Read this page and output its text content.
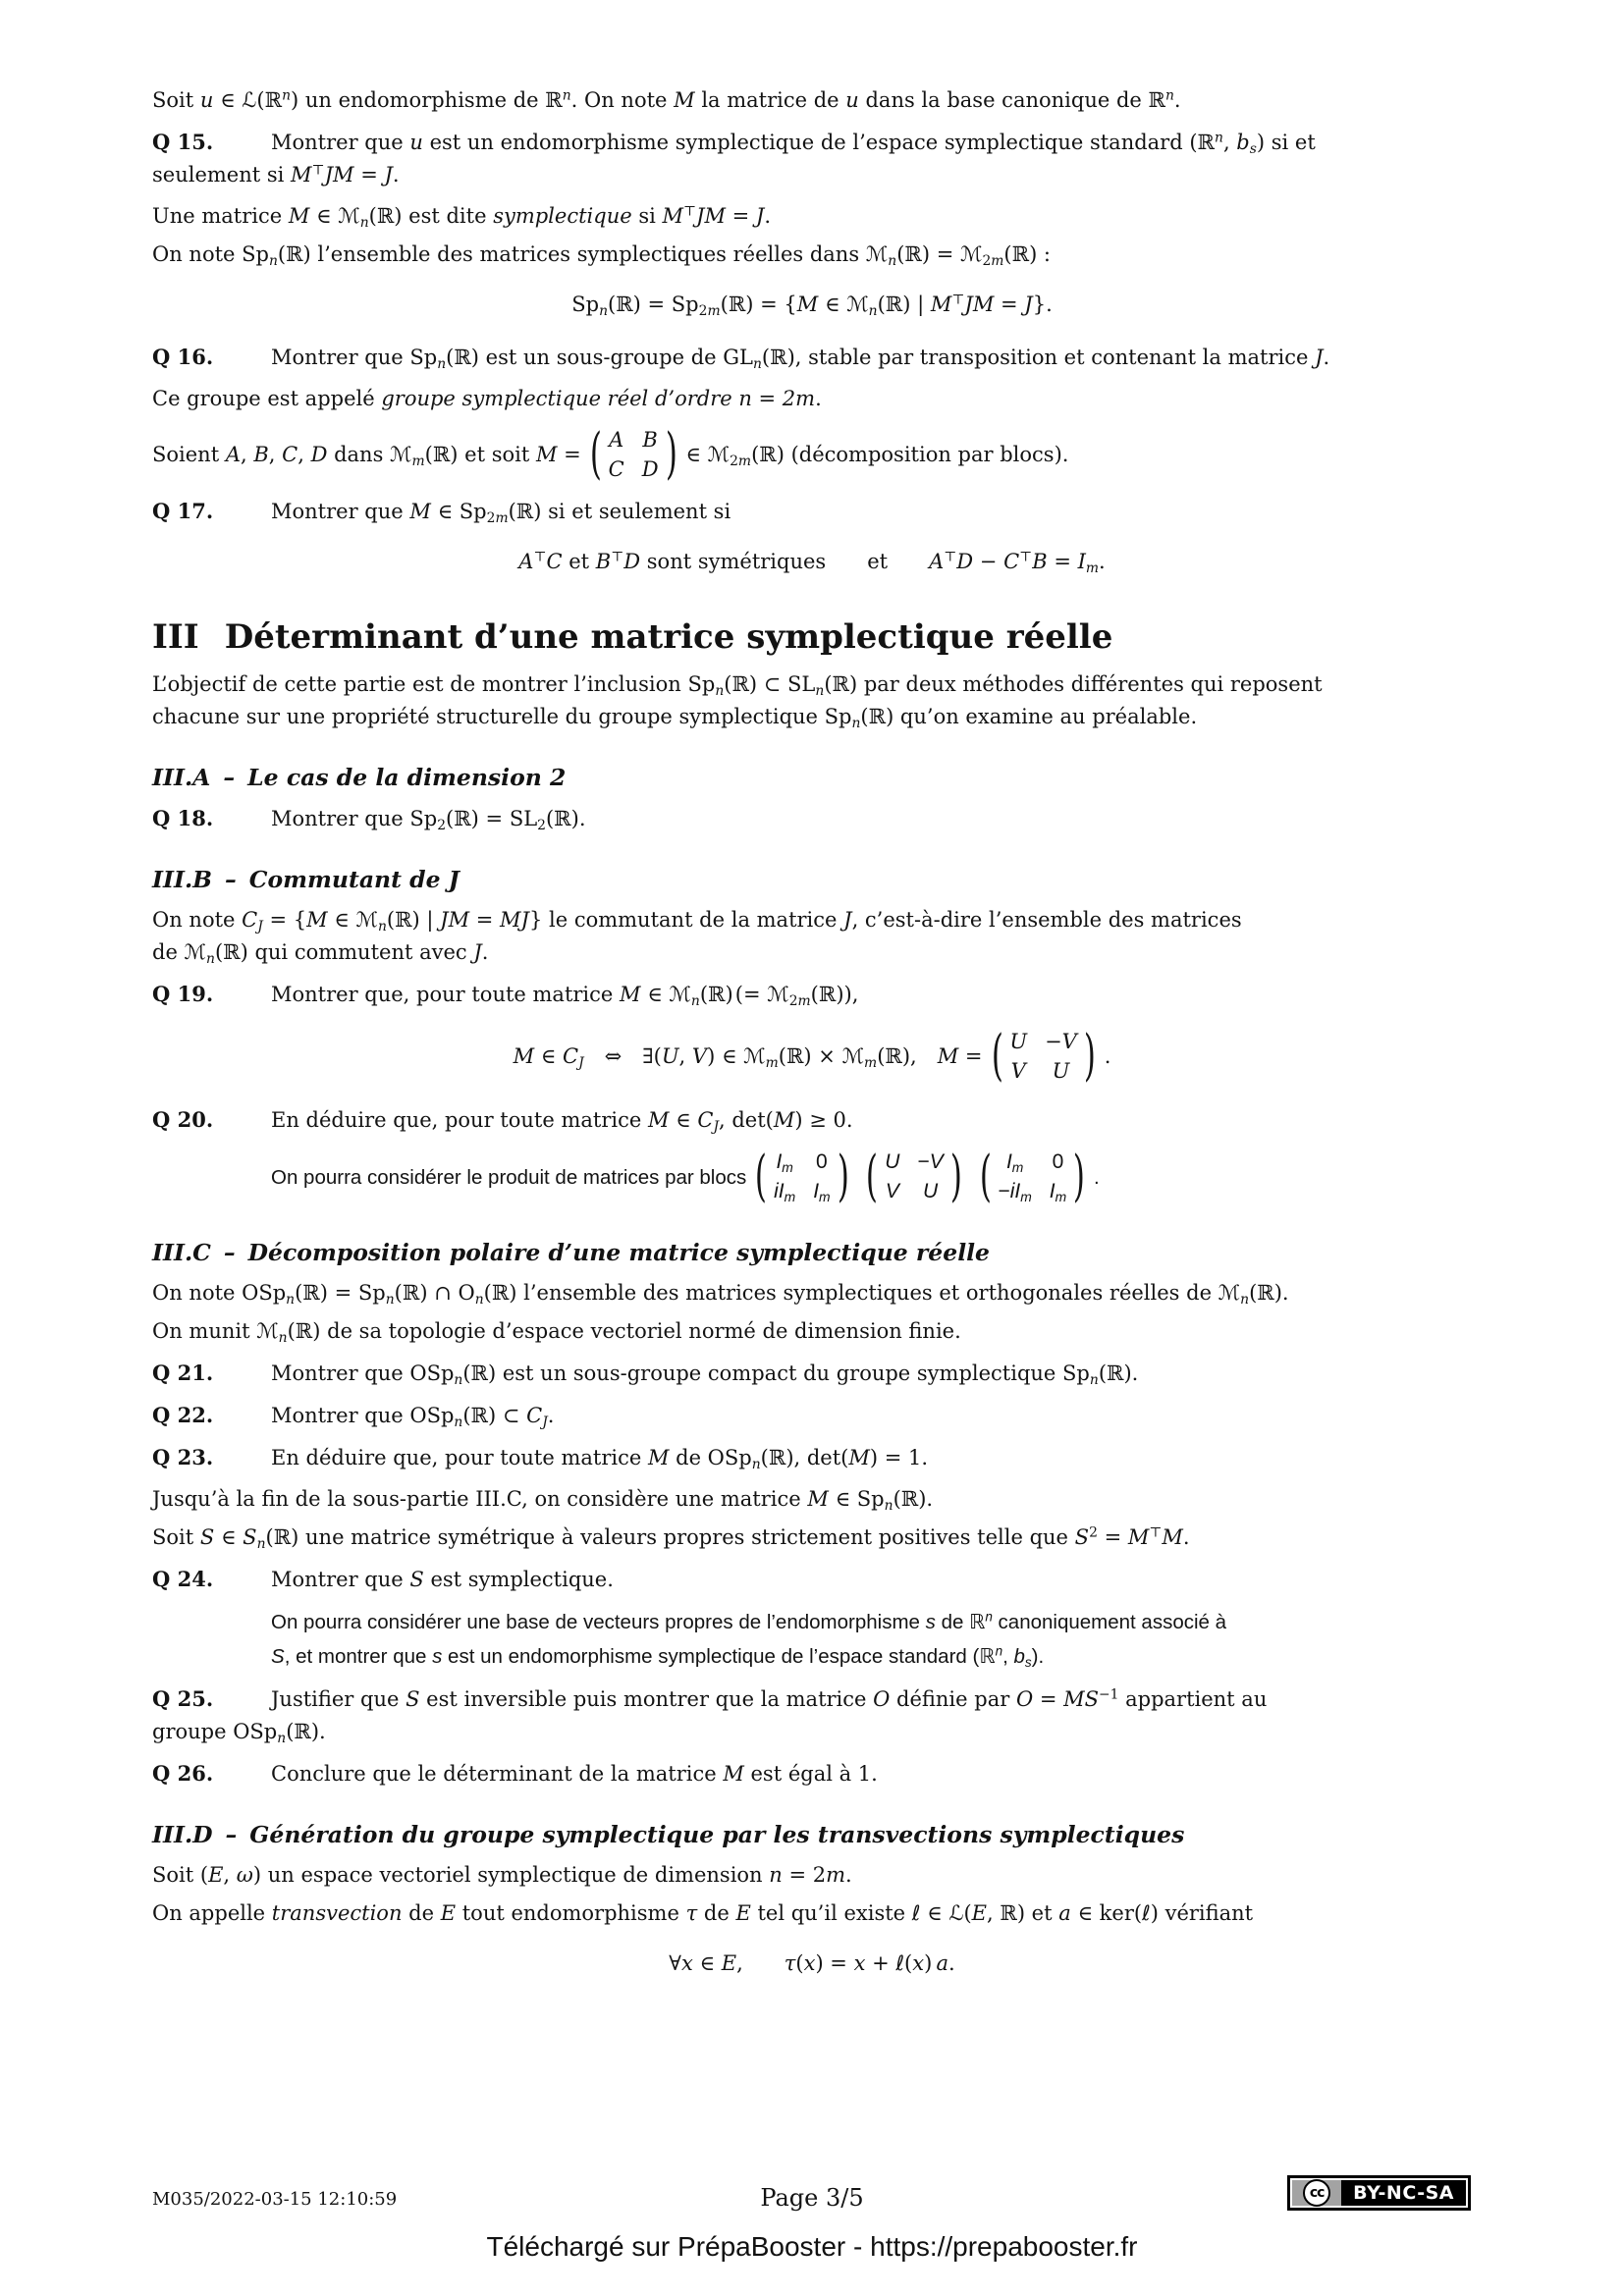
Soit u ∈ ℒ(ℝ$^n$) un endomorphisme de ℝ$^n$. On note M la matrice de u dans la base canonique de ℝ$^n$.

Q 15.	Montrer que u est un endomorphisme symplectique de l’espace symplectique standard (ℝ$^n$, $b_s$) si et
seulement si M⊤JM = J.

Une matrice M ∈ ℳ$_n$(ℝ) est dite symplectique si M⊤JM = J.

On note $Sp_n(ℝ)$ l’ensemble des matrices symplectiques réelles dans ℳ$_n$(ℝ) = ℳ$_{2m}$(ℝ) :

$Sp_n(ℝ)$ = $Sp_{2m}(ℝ) = \{M$ ∈ ℳ$_n$(ℝ) | M⊤JM = J}.

Q 16.	Montrer que $Sp_n(ℝ)$ est un sous-groupe de $GL_n(ℝ)$, stable par transposition et contenant la matrice J.

Ce groupe est appelé groupe symplectique réel d’ordre n = 2m.

Soient A, B, C, D dans ℳ$_m$(ℝ) et soit M =
( A B
C D
)
∈ ℳ$_{2m}$(ℝ) (décomposition par blocs).

Q 17.	Montrer que M ∈ $Sp_{2m}(ℝ)$ si et seulement si

A⊤C et B⊤D sont symétriques  et  $A^⊤D - C^⊤B = I_m$.

III Déterminant d’une matrice symplectique réelle

L’objectif de cette partie est de montrer l’inclusion $Sp_n(ℝ)$ ⊂ $SL_n(ℝ)$ par deux méthodes différentes qui reposent
chacune sur une propriété structurelle du groupe symplectique $Sp_n(ℝ)$ qu’on examine au préalable.

III.A – Le cas de la dimension 2

Q 18.	Montrer que $Sp_2(ℝ)$ = $SL_2(ℝ)$.

III.B – Commutant de J

On note $C_J = \{M$ ∈ ℳ$_n$(ℝ) | JM = MJ} le commutant de la matrice J, c’est-à-dire l’ensemble des matrices
de ℳ$_n$(ℝ) qui commutent avec J.

Q 19.	Montrer que, pour toute matrice M ∈ ℳ$_n$(ℝ) (= ℳ$_{2m}$(ℝ)),

M ∈ $C_J$ ⇔ ∃(U, V) ∈ ℳ$_m$(ℝ) × ℳ$_m$(ℝ), M =
( U −V
V U
)
.

Q 20.	En déduire que, pour toute matrice M ∈ $C_J$, det(M) ≥ 0.

On pourra considérer le produit de matrices par blocs
( $I_m$ 0
$iI_m$ $I_m$
)
( U −V
V U
)
( $I_m$ 0
$-iI_m$ $I_m$
)
.
III.C – Décomposition polaire d’une matrice symplectique réelle

On note OSp$_n$(ℝ) = $Sp_n(ℝ)$ ∩ $O_n(ℝ)$ l’ensemble des matrices symplectiques et orthogonales réelles de ℳ$_n$(ℝ).

On munit ℳ$_n$(ℝ) de sa topologie d’espace vectoriel normé de dimension finie.

Q 21.	Montrer que OSp$_n$(ℝ) est un sous-groupe compact du groupe symplectique $Sp_n(ℝ)$.

Q 22.	Montrer que OSp$_n$(ℝ) ⊂ $C_J$.

Q 23.	En déduire que, pour toute matrice M de OSp$_n$(ℝ), det(M) = 1.

Jusqu’à la fin de la sous-partie III.C, on considère une matrice M ∈ $Sp_n(ℝ)$.

Soit S ∈ $S_n(ℝ)$ une matrice symétrique à valeurs propres strictement positives telle que $S^2 = M^⊤M$.

Q 24.	Montrer que S est symplectique.

On pourra considérer une base de vecteurs propres de l’endomorphisme s de ℝ$^n$ canoniquement associé à
S, et montrer que s est un endomorphisme symplectique de l’espace standard (ℝ$^n$, $b_s$).

Q 25.	Justifier que S est inversible puis montrer que la matrice O définie par $O = MS^{-1}$ appartient au
groupe OSp$_n$(ℝ).

Q 26.	Conclure que le déterminant de la matrice M est égal à 1.

III.D – Génération du groupe symplectique par les transvections symplectiques

Soit (E, ω) un espace vectoriel symplectique de dimension n = 2m.

On appelle transvection de E tout endomorphisme τ de E tel qu’il existe ℓ ∈ ℒ(E, ℝ) et a ∈ ker(ℓ) vérifiant

∀x ∈ E,  τ(x) = x + ℓ(x) a.

M035/2022-03-15 12:10:59	Page 3/5	cc	BY-NC-SA
Téléchargé sur PrépaBooster - https://prepabooster.fr
